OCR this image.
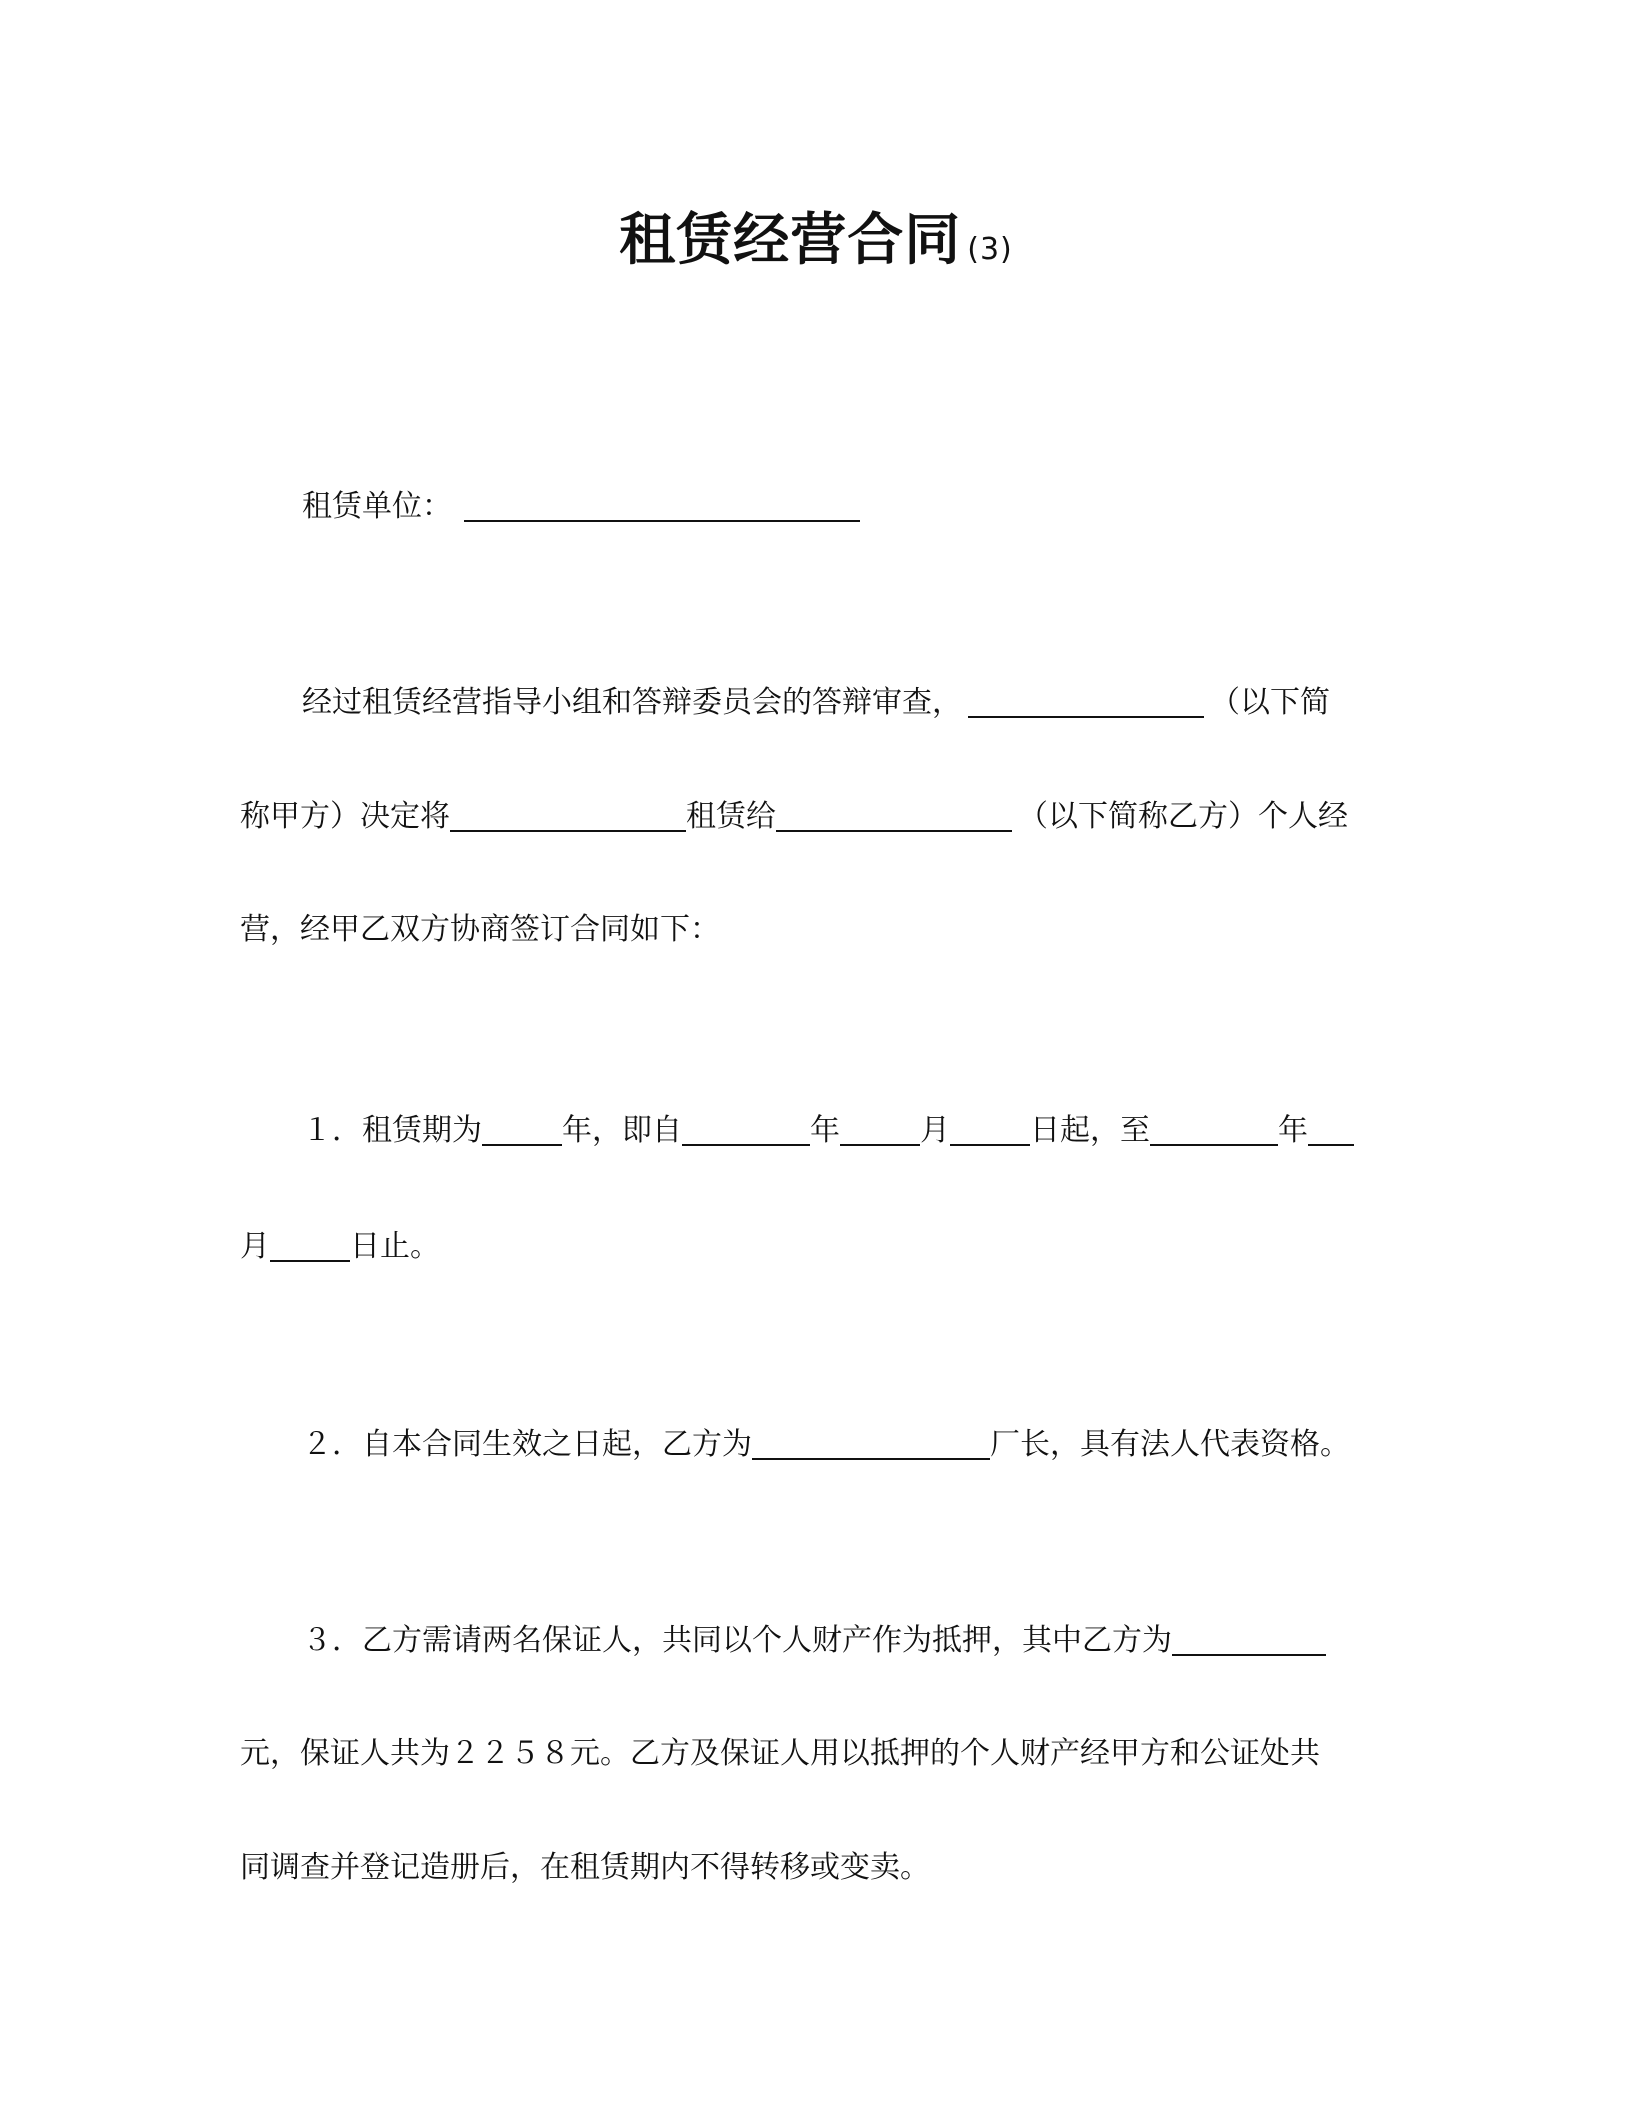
租赁经营合同 (3)
租赁单位：
经过租赁经营指导小组和答辩委员会的答辩审查，	（以下简
称甲方）决定将	租赁给	（以下简称乙方）个人经
营，经甲乙双方协商签订合同如下：
１．租赁期为	年，即自	年	月	日起，至	年
月	日止。
２．自本合同生效之日起，乙方为	厂长，具有法人代表资格。
３．乙方需请两名保证人，共同以个人财产作为抵押，其中乙方为
元，保证人共为２２５８元。乙方及保证人用以抵押的个人财产经甲方和公证处共
同调查并登记造册后，在租赁期内不得转移或变卖。
